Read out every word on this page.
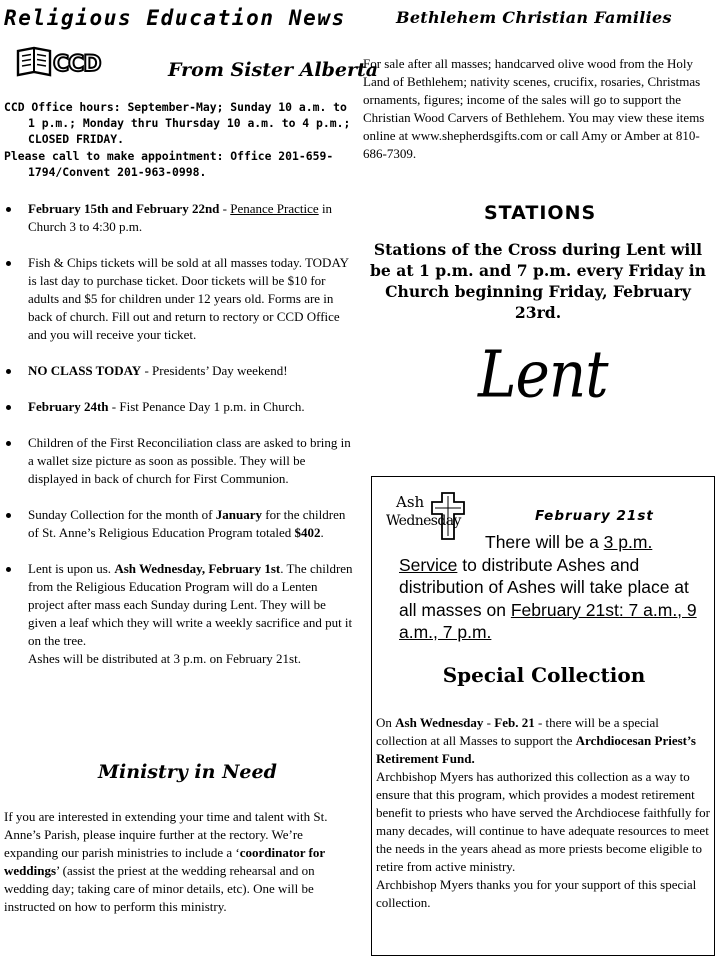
Religious Education News
CCD	From Sister Alberta
CCD Office hours: September-May; Sunday 10 a.m. to 1 p.m.; Monday thru Thursday 10 a.m. to 4 p.m.; CLOSED FRIDAY.
Please call to make appointment: Office 201-659-1794/Convent 201-963-0998.
February 15th and February 22nd - Penance Practice in Church 3 to 4:30 p.m.
Fish & Chips tickets will be sold at all masses today. TODAY is last day to purchase ticket. Door tickets will be $10 for adults and $5 for children under 12 years old. Forms are in back of church. Fill out and return to rectory or CCD Office and you will receive your ticket.
NO CLASS TODAY - Presidents’ Day weekend!
February 24th - Fist Penance Day 1 p.m. in Church.
Children of the First Reconciliation class are asked to bring in a wallet size picture as soon as possible. They will be displayed in back of church for First Communion.
Sunday Collection for the month of January for the children of St. Anne’s Religious Education Program totaled $402.
Lent is upon us. Ash Wednesday, February 1st. The children from the Religious Education Program will do a Lenten project after mass each Sunday during Lent. They will be given a leaf which they will write a weekly sacrifice and put it on the tree.
Ashes will be distributed at 3 p.m. on February 21st.
Ministry in Need

If you are interested in extending your time and talent with St. Anne’s Parish, please inquire further at the rectory. We’re expanding our parish ministries to include a ‘coordinator for weddings’ (assist the priest at the wedding rehearsal and on wedding day; taking care of minor details, etc). One will be instructed on how to perform this ministry.

Bethlehem Christian Families

For sale after all masses; handcarved olive wood from the Holy Land of Bethlehem; nativity scenes, crucifix, rosaries, Christmas ornaments, figures; income of the sales will go to support the Christian Wood Carvers of Bethlehem. You may view these items online at www.shepherdsgifts.com or call Amy or Amber at 810-686-7309.

STATIONS

Stations of the Cross during Lent will be at 1 p.m. and 7 p.m. every Friday in Church beginning Friday, February 23rd.

Lent
Ash
Wednesday	February 21st

There will be a 3 p.m. Service to distribute Ashes and distribution of Ashes will take place at all masses on February 21st: 7 a.m., 9 a.m., 7 p.m.

Special Collection

On Ash Wednesday - Feb. 21 - there will be a special collection at all Masses to support the Archdiocesan Priest’s Retirement Fund.

Archbishop Myers has authorized this collection as a way to ensure that this program, which provides a modest retirement benefit to priests who have served the Archdiocese faithfully for many decades, will continue to have adequate resources to meet the needs in the years ahead as more priests become eligible to retire from active ministry.

Archbishop Myers thanks you for your support of this special collection.
